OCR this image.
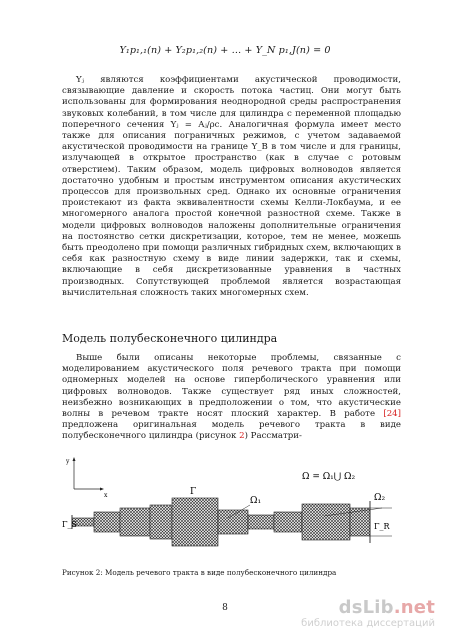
Y₁p₁,₁(n) + Y₂p₁,₂(n) + … + Y_N p₁,J(n) = 0

Yⱼ являются коэффициентами акустической проводимости, связывающие давление и скорость потока частиц. Они могут быть использованы для формирования неоднородной среды распространения звуковых колебаний, в том числе для цилиндра с переменной площадью поперечного сечения Yⱼ = Aⱼ/ρc. Аналогичная формула имеет место также для описания пограничных режимов, с учетом задаваемой акустической проводимости на границе Y_B в том числе и для границы, излучающей в открытое пространство (как в случае с ротовым отверстием). Таким образом, модель цифровых волноводов является достаточно удобным и простым инструментом описания акустических процессов для произвольных сред. Однако их основные ограничения проистекают из факта эквивалентности схемы Келли-Локбаума, и ее многомерного аналога простой конечной разностной схеме. Также в модели цифровых волноводов наложены дополнительные ограничения на постоянство сетки дискретизации, которое, тем не менее, можешь быть преодолено при помощи различных гибридных схем, включающих в себя как разностную схему в виде линии задержки, так и схемы, включающие в себя дискретизованные уравнения в частных производных. Сопутствующей проблемой является возрастающая вычислительная сложность таких многомерных схем.

Модель полубесконечного цилиндра

Выше были описаны некоторые проблемы, связанные с моделированием акустического поля речевого тракта при помощи одномерных моделей на основе гиперболического уравнения или цифровых волноводов. Также существует ряд иных сложностей, неизбежно возникающих в предположении о том, что акустические волны в речевом тракте носят плоский характер. В работе [24] предложена оригинальная модель речевого тракта в виде полубесконечного цилиндра (рисунок 2) Рассматри-

y
x
Ω = Ω₁⋃ Ω₂
Γ
Ω₁	Ω₂
Γ_S	Γ_R
Рисунок 2: Модель речевого тракта в виде полубесконечного цилиндра
8	dsLib.net
библиотека диссертаций
